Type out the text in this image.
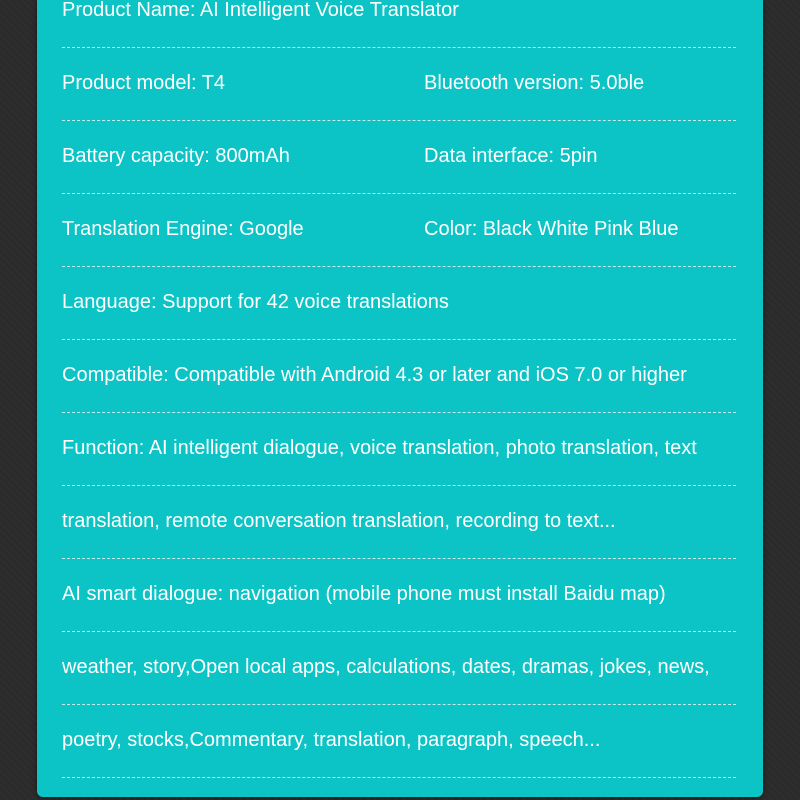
Product Name: AI Intelligent Voice Translator
Product model: T4	Bluetooth version: 5.0ble
Battery capacity: 800mAh	Data interface: 5pin
Translation Engine: Google	Color: Black White Pink Blue
Language: Support for 42 voice translations
Compatible: Compatible with Android 4.3 or later and iOS 7.0 or higher
Function: AI intelligent dialogue, voice translation, photo translation, text
translation, remote conversation translation, recording to text...
AI smart dialogue: navigation (mobile phone must install Baidu map)
weather, story,Open local apps, calculations, dates, dramas, jokes, news,
poetry, stocks,Commentary, translation, paragraph, speech...
